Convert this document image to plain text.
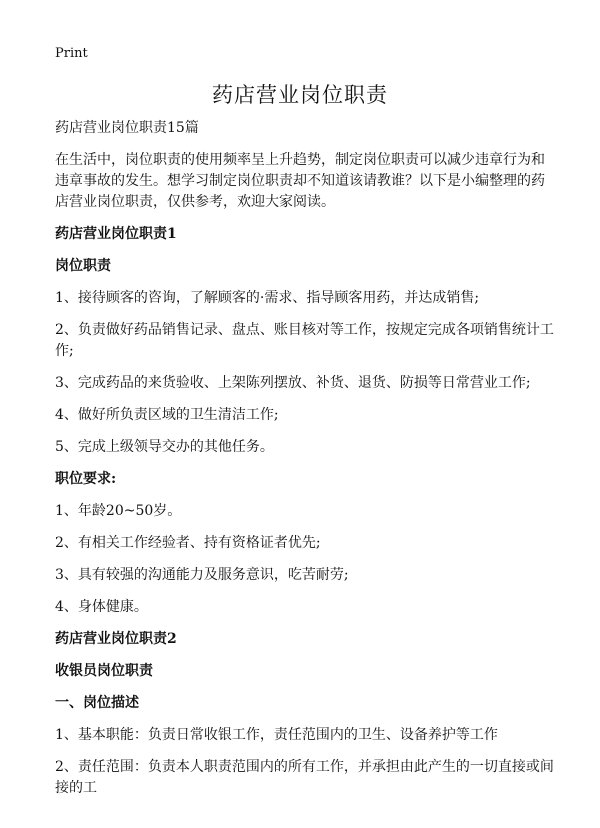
Print
药店营业岗位职责

药店营业岗位职责15篇

在生活中，岗位职责的使用频率呈上升趋势，制定岗位职责可以减少违章行为和违章事故的发生。想学习制定岗位职责却不知道该请教谁？以下是小编整理的药店营业岗位职责，仅供参考，欢迎大家阅读。

药店营业岗位职责1

岗位职责

1、接待顾客的咨询，了解顾客的·需求、指导顾客用药，并达成销售;

2、负责做好药品销售记录、盘点、账目核对等工作，按规定完成各项销售统计工作;

3、完成药品的来货验收、上架陈列摆放、补货、退货、防损等日常营业工作;

4、做好所负责区域的卫生清洁工作;

5、完成上级领导交办的其他任务。

职位要求:

1、年龄20~50岁。

2、有相关工作经验者、持有资格证者优先;

3、具有较强的沟通能力及服务意识，吃苦耐劳;

4、身体健康。

药店营业岗位职责2

收银员岗位职责

一、岗位描述

1、基本职能：负责日常收银工作，责任范围内的卫生、设备养护等工作

2、责任范围：负责本人职责范围内的所有工作，并承担由此产生的一切直接或间接的工
